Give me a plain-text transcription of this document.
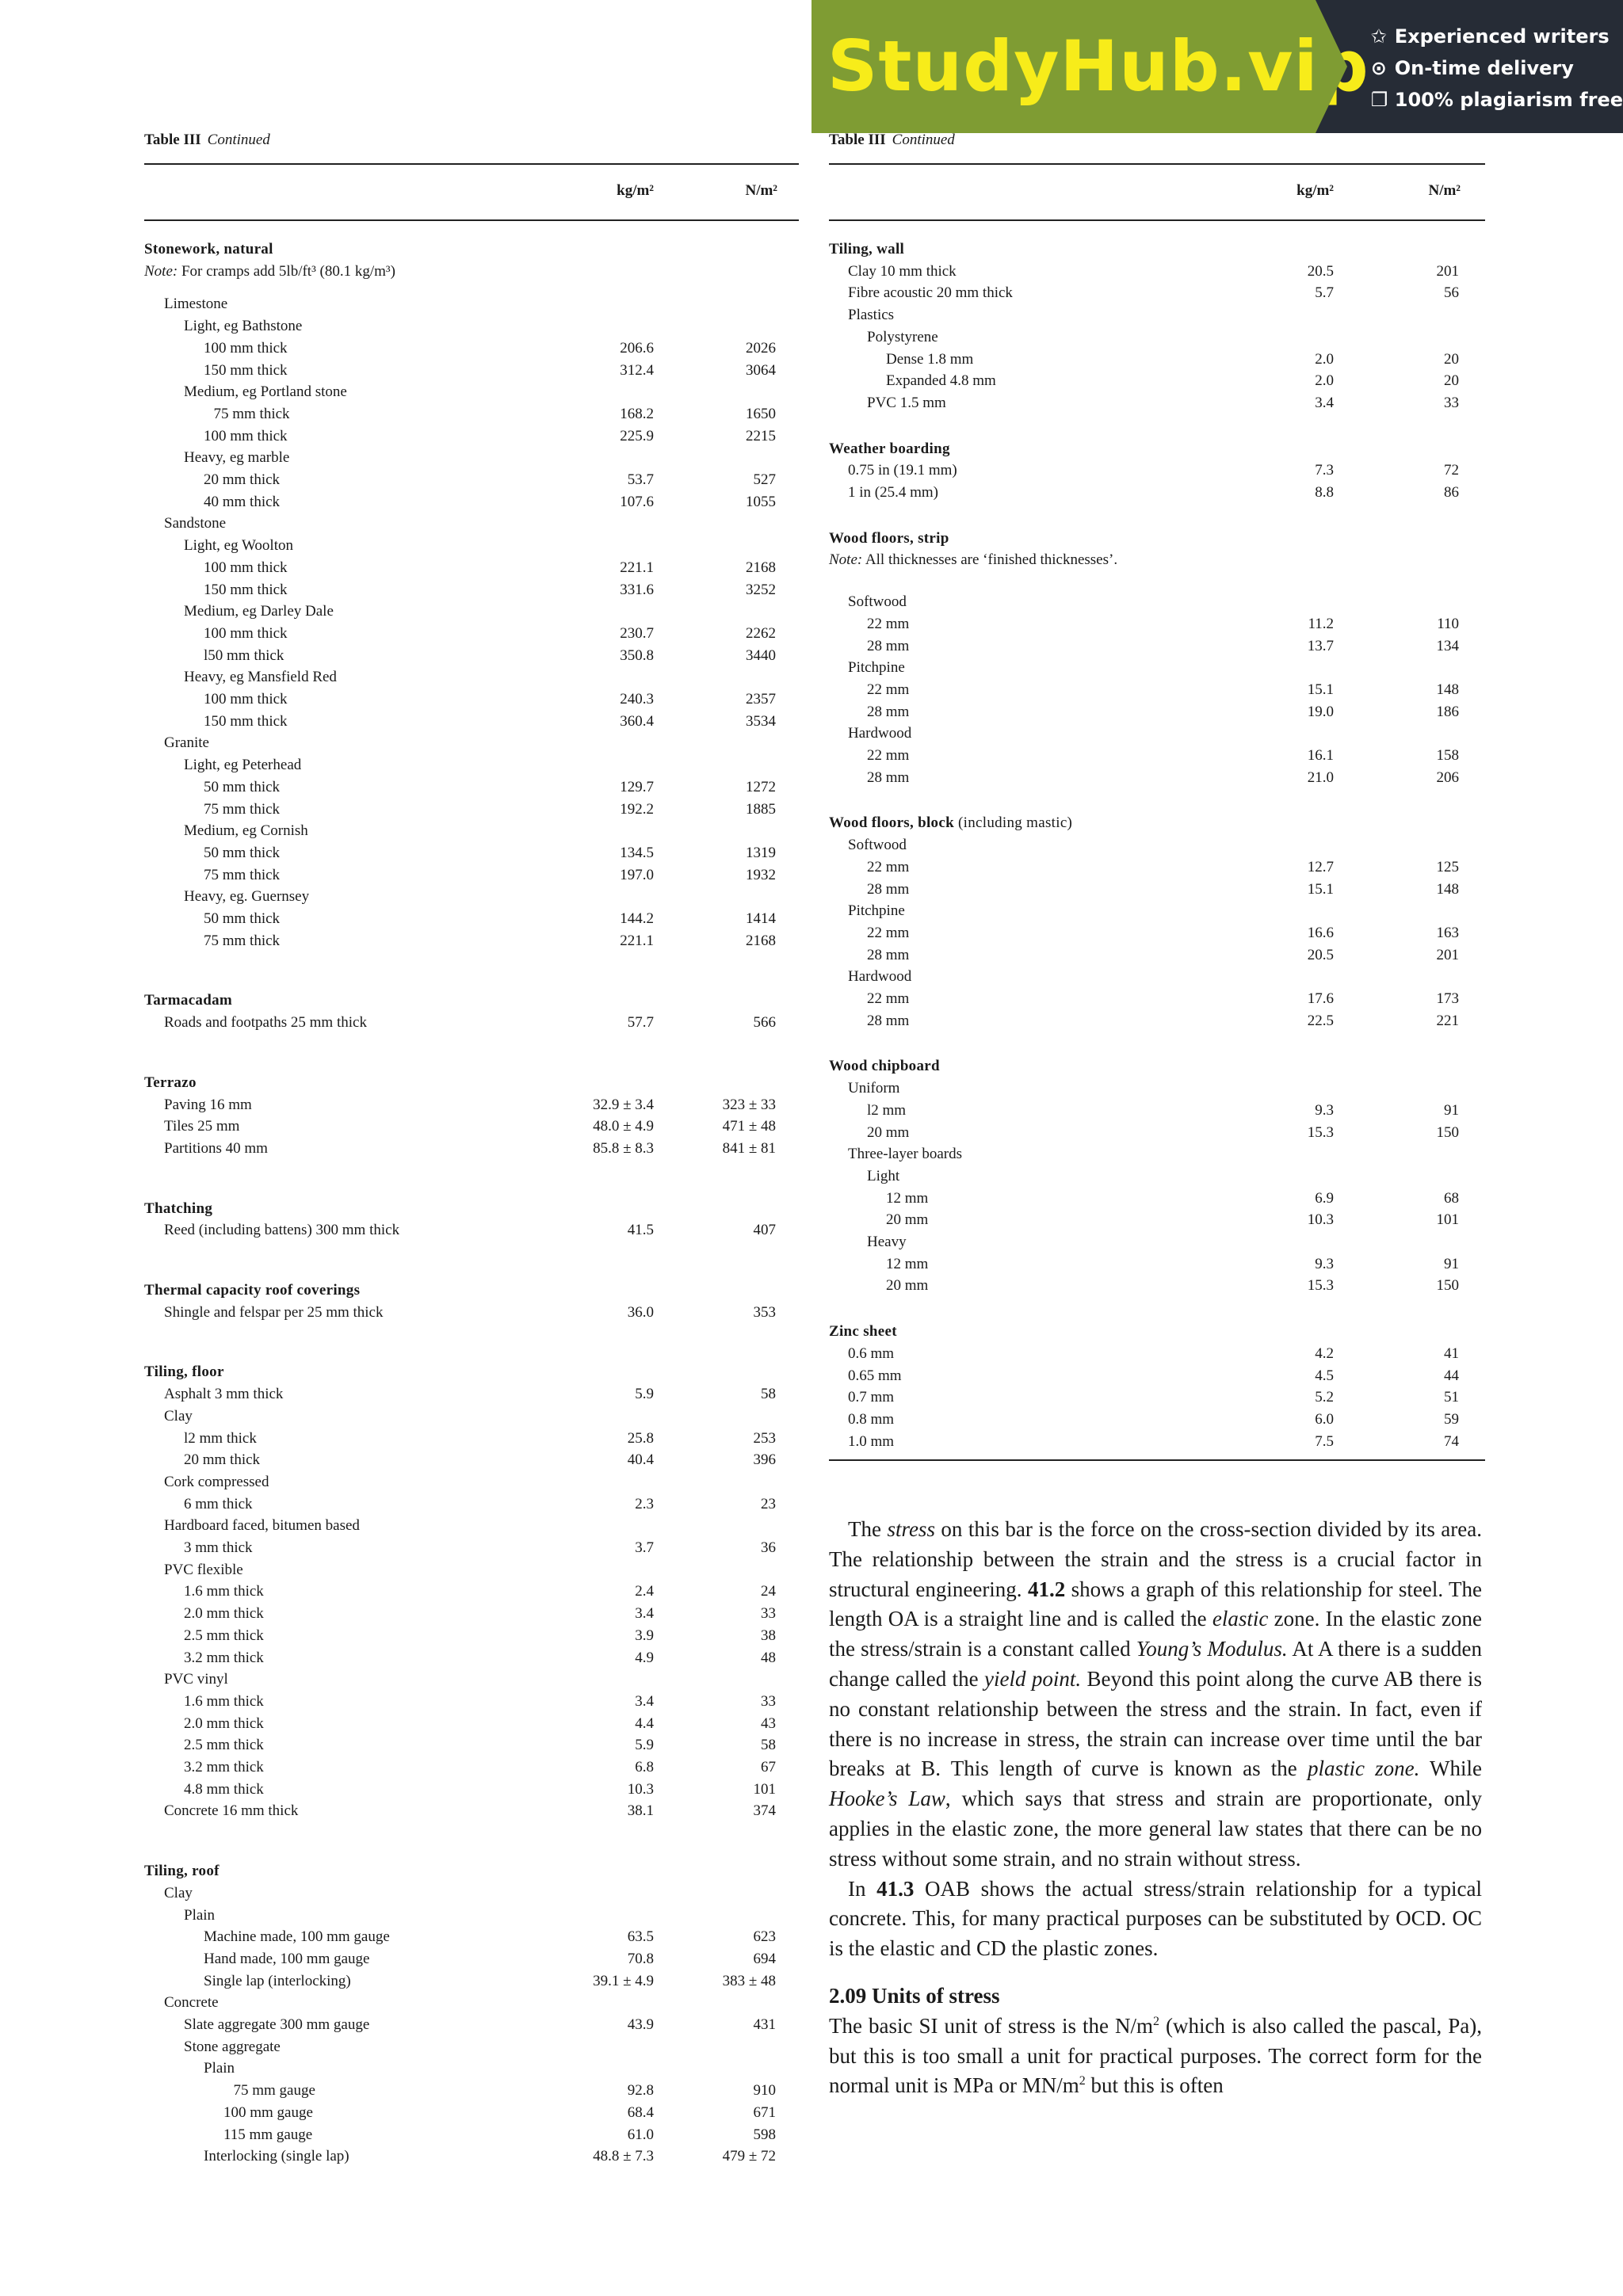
StudyHub.vip ✩ Experienced writers
⊙ On-time delivery
❐ 100% plagiarism free
Table III Continued
kg/m²	N/m²
Stonework, natural
Note: For cramps add 5lb/ft³ (80.1 kg/m³)
Limestone
Light, eg Bathstone
100 mm thick	206.6	2026
150 mm thick	312.4	3064
Medium, eg Portland stone
75 mm thick	168.2	1650
100 mm thick	225.9	2215
Heavy, eg marble
20 mm thick	53.7	527
40 mm thick	107.6	1055
Sandstone
Light, eg Woolton
100 mm thick	221.1	2168
150 mm thick	331.6	3252
Medium, eg Darley Dale
100 mm thick	230.7	2262
l50 mm thick	350.8	3440
Heavy, eg Mansfield Red
100 mm thick	240.3	2357
150 mm thick	360.4	3534
Granite
Light, eg Peterhead
50 mm thick	129.7	1272
75 mm thick	192.2	1885
Medium, eg Cornish
50 mm thick	134.5	1319
75 mm thick	197.0	1932
Heavy, eg. Guernsey
50 mm thick	144.2	1414
75 mm thick	221.1	2168
Tarmacadam
Roads and footpaths 25 mm thick	57.7	566
Terrazo
Paving 16 mm	32.9 ± 3.4	323 ± 33
Tiles 25 mm	48.0 ± 4.9	471 ± 48
Partitions 40 mm	85.8 ± 8.3	841 ± 81
Thatching
Reed (including battens) 300 mm thick	41.5	407
Thermal capacity roof coverings
Shingle and felspar per 25 mm thick	36.0	353
Tiling, floor
Asphalt 3 mm thick	5.9	58
Clay
l2 mm thick	25.8	253
20 mm thick	40.4	396
Cork compressed
6 mm thick	2.3	23
Hardboard faced, bitumen based
3 mm thick	3.7	36
PVC flexible
1.6 mm thick	2.4	24
2.0 mm thick	3.4	33
2.5 mm thick	3.9	38
3.2 mm thick	4.9	48
PVC vinyl
1.6 mm thick	3.4	33
2.0 mm thick	4.4	43
2.5 mm thick	5.9	58
3.2 mm thick	6.8	67
4.8 mm thick	10.3	101
Concrete 16 mm thick	38.1	374
Tiling, roof
Clay
Plain
Machine made, 100 mm gauge	63.5	623
Hand made, 100 mm gauge	70.8	694
Single lap (interlocking)	39.1 ± 4.9	383 ± 48
Concrete
Slate aggregate 300 mm gauge	43.9	431
Stone aggregate
Plain
75 mm gauge	92.8	910
100 mm gauge	68.4	671
115 mm gauge	61.0	598
Interlocking (single lap)	48.8 ± 7.3	479 ± 72
Table III Continued
kg/m²	N/m²
Tiling, wall
Clay 10 mm thick	20.5	201
Fibre acoustic 20 mm thick	5.7	56
Plastics
Polystyrene
Dense 1.8 mm	2.0	20
Expanded 4.8 mm	2.0	20
PVC 1.5 mm	3.4	33
Weather boarding
0.75 in (19.1 mm)	7.3	72
1 in (25.4 mm)	8.8	86
Wood floors, strip
Note: All thicknesses are ‘finished thicknesses’.
Softwood
22 mm	11.2	110
28 mm	13.7	134
Pitchpine
22 mm	15.1	148
28 mm	19.0	186
Hardwood
22 mm	16.1	158
28 mm	21.0	206
Wood floors, block (including mastic)
Softwood
22 mm	12.7	125
28 mm	15.1	148
Pitchpine
22 mm	16.6	163
28 mm	20.5	201
Hardwood
22 mm	17.6	173
28 mm	22.5	221
Wood chipboard
Uniform
l2 mm	9.3	91
20 mm	15.3	150
Three-layer boards
Light
12 mm	6.9	68
20 mm	10.3	101
Heavy
12 mm	9.3	91
20 mm	15.3	150
Zinc sheet
0.6 mm	4.2	41
0.65 mm	4.5	44
0.7 mm	5.2	51
0.8 mm	6.0	59
1.0 mm	7.5	74

The stress on this bar is the force on the cross-section divided by its area. The relationship between the strain and the stress is a crucial factor in structural engineering. 41.2 shows a graph of this relationship for steel. The length OA is a straight line and is called the elastic zone. In the elastic zone the stress/strain is a constant called Young’s Modulus. At A there is a sudden change called the yield point. Beyond this point along the curve AB there is no constant relationship between the stress and the strain. In fact, even if there is no increase in stress, the strain can increase over time until the bar breaks at B. This length of curve is known as the plastic zone. While Hooke’s Law, which says that stress and strain are proportionate, only applies in the elastic zone, the more general law states that there can be no stress without some strain, and no strain without stress.

In 41.3 OAB shows the actual stress/strain relationship for a typical concrete. This, for many practical purposes can be substituted by OCD. OC is the elastic and CD the plastic zones.

2.09 Units of stress

The basic SI unit of stress is the $N/m^2$ (which is also called the pascal, Pa), but this is too small a unit for practical purposes. The correct form for the normal unit is MPa or $MN/m^2$ but this is often
